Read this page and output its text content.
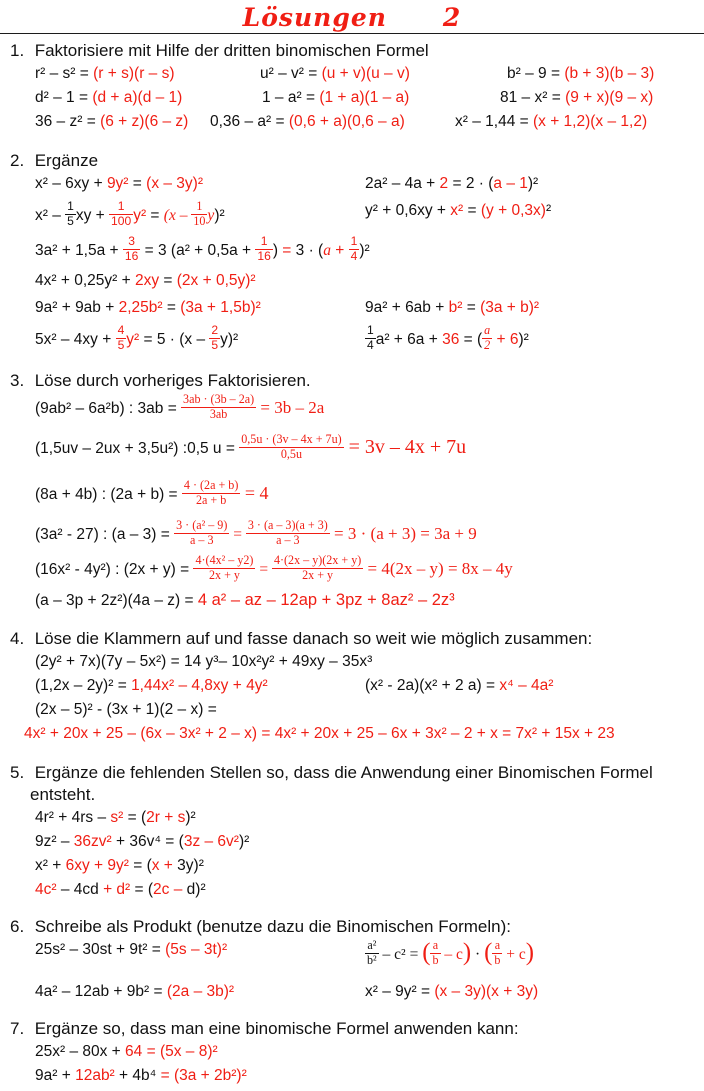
Lösungen 2
1. Faktorisiere mit Hilfe der dritten binomischen Formel
r² – s² = (r + s)(r – s)	u² – v² = (u + v)(u – v)	b² – 9 = (b + 3)(b – 3)
d² – 1 = (d + a)(d – 1)	1 – a² = (1 + a)(1 – a)	81 – x² = (9 + x)(9 – x)
36 – z² = (6 + z)(6 – z) 0,36 – a² = (0,6 + a)(0,6 – a)	x² – 1,44 = (x + 1,2)(x – 1,2)
2. Ergänze
x² – 6xy + 9y² = (x – 3y)²	2a² – 4a + 2 = 2 · (a – 1)²
$x^2 - \frac{1}{5}$ xy + $\frac{1}{100} y^2 = (x - \frac{1}{10} y)^2$	y² + 0,6xy + x² = (y + 0,3x)²
$3a^2 + 1,5a + \frac{3}{16} = 3$ ($a^2 + 0,5a + \frac{1}{16}$ ) = $3 \cdot (a + \frac{1}{4} )^2$
4x² + 0,25y² + 2xy = (2x + 0,5y)²
9a² + 9ab + 2,25b² = (3a + 1,5b)²	9a² + 6ab + b² = (3a + b)²
$5x^2 - 4xy + \frac{4}{5} y^2 = 5 \cdot (x - \frac{2}{5} y)^2$	$\frac{1}{4} a^2 + 6a + 36$ = ( $\frac{a}{2} + 6)^2$
3. Löse durch vorheriges Faktorisieren.
(9ab² – 6a²b) : $3ab = \frac{3ab \cdot (3b - 2a)}{3ab} = 3b - 2a$
(1,5uv – 2ux + 3,5u²) :0,5 $u = \frac{0,5u \cdot (3v - 4x + 7u)}{0,5u} = 3v - 4x + 7u$
(8a + 4b) : $(2a + b) = \frac{4 \cdot (2a + b)}{2a + b} = 4$
(3a² - 27) : $(a - 3) = \frac{\text{3 · (a² – 9)}}{a - 3} = \frac{3 \cdot (a - 3)(a + 3)}{a - 3} = 3 \cdot (a + 3) = 3a + 9$
(16x² - 4y²) : $(2x + y) = \frac{\text{4·(4x² – y2)}}{2x + y} = \frac{4\cdot(2x - y)(2x + y)}{2x + y} = 4(2x - y) = 8x - 4y$
(a – 3p + 2z²)(4a – z) = 4 a² – az – 12ap + 3pz + 8az² – 2z³
4. Löse die Klammern auf und fasse danach so weit wie möglich zusammen:
(2y² + 7x)(7y – 5x²) = 14 y³– 10x²y² + 49xy – 35x³
(1,2x – 2y)² = 1,44x² – 4,8xy + 4y²	(x² - 2a)(x² + 2 a) = x⁴ – 4a²
(2x – 5)² - (3x + 1)(2 – x) =
4x² + 20x + 25 – (6x – 3x² + 2 – x) = 4x² + 20x + 25 – 6x + 3x² – 2 + x = 7x² + 15x + 23
5. Ergänze die fehlenden Stellen so, dass die Anwendung einer Binomischen Formel
entsteht.
4r² + 4rs – s² = (2r + s)²
9z² – 36zv² + 36v⁴ = (3z – 6v²)²
x² + 6xy + 9y² = (x + 3y)²
4c² – 4cd + d² = (2c – d)²
6. Schreibe als Produkt (benutze dazu die Binomischen Formeln):
25s² – 30st + 9t² = (5s – 3t)²	$\frac{\text{a²}}{\text{b²}} - c^2$ = ( $\frac{a}{b} - c$) · ( $\frac{a}{b} + c$)
4a² – 12ab + 9b² = (2a – 3b)²	x² – 9y² = (x – 3y)(x + 3y)
7. Ergänze so, dass man eine binomische Formel anwenden kann:
25x² – 80x + 64 = (5x – 8)²
9a² + 12ab² + 4b⁴ = (3a + 2b²)²
